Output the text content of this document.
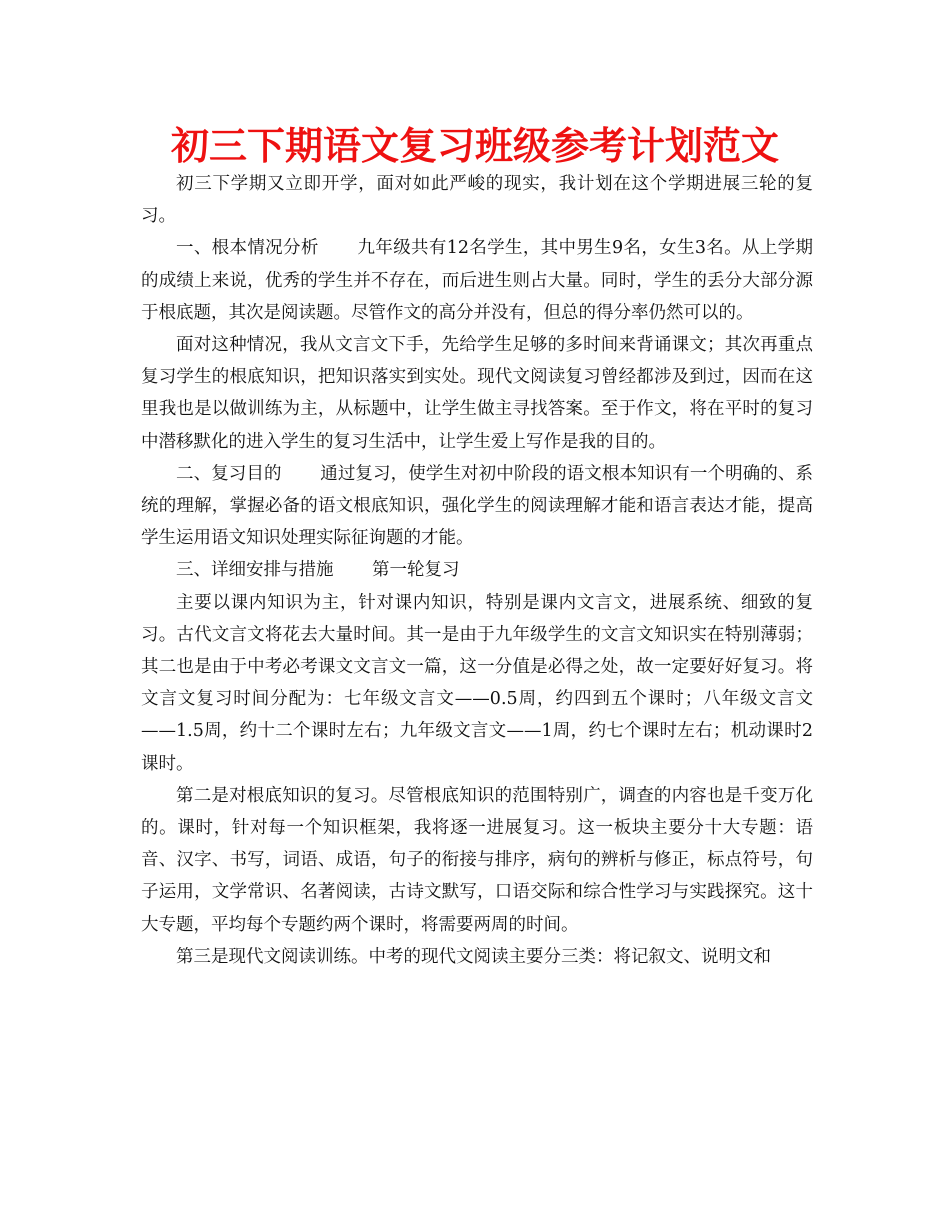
初三下期语文复习班级参考计划范文

初三下学期又立即开学，面对如此严峻的现实，我计划在这个学期进展三轮的复习。

一、根本情况分析 九年级共有12名学生，其中男生9名，女生3名。从上学期的成绩上来说，优秀的学生并不存在，而后进生则占大量。同时，学生的丢分大部分源于根底题，其次是阅读题。尽管作文的高分并没有，但总的得分率仍然可以的。

面对这种情况，我从文言文下手，先给学生足够的多时间来背诵课文；其次再重点复习学生的根底知识，把知识落实到实处。现代文阅读复习曾经都涉及到过，因而在这里我也是以做训练为主，从标题中，让学生做主寻找答案。至于作文，将在平时的复习中潜移默化的进入学生的复习生活中，让学生爱上写作是我的目的。

二、复习目的 通过复习，使学生对初中阶段的语文根本知识有一个明确的、系统的理解，掌握必备的语文根底知识，强化学生的阅读理解才能和语言表达才能，提高学生运用语文知识处理实际征询题的才能。

三、详细安排与措施 第一轮复习

主要以课内知识为主，针对课内知识，特别是课内文言文，进展系统、细致的复习。古代文言文将花去大量时间。其一是由于九年级学生的文言文知识实在特别薄弱；其二也是由于中考必考课文文言文一篇，这一分值是必得之处，故一定要好好复习。将文言文复习时间分配为：七年级文言文——0.5周，约四到五个课时；八年级文言文——1.5周，约十二个课时左右；九年级文言文——1周，约七个课时左右；机动课时2课时。

第二是对根底知识的复习。尽管根底知识的范围特别广，调查的内容也是千变万化的。课时，针对每一个知识框架，我将逐一进展复习。这一板块主要分十大专题：语音、汉字、书写，词语、成语，句子的衔接与排序，病句的辨析与修正，标点符号，句子运用，文学常识、名著阅读，古诗文默写，口语交际和综合性学习与实践探究。这十大专题，平均每个专题约两个课时，将需要两周的时间。

第三是现代文阅读训练。中考的现代文阅读主要分三类：将记叙文、说明文和
